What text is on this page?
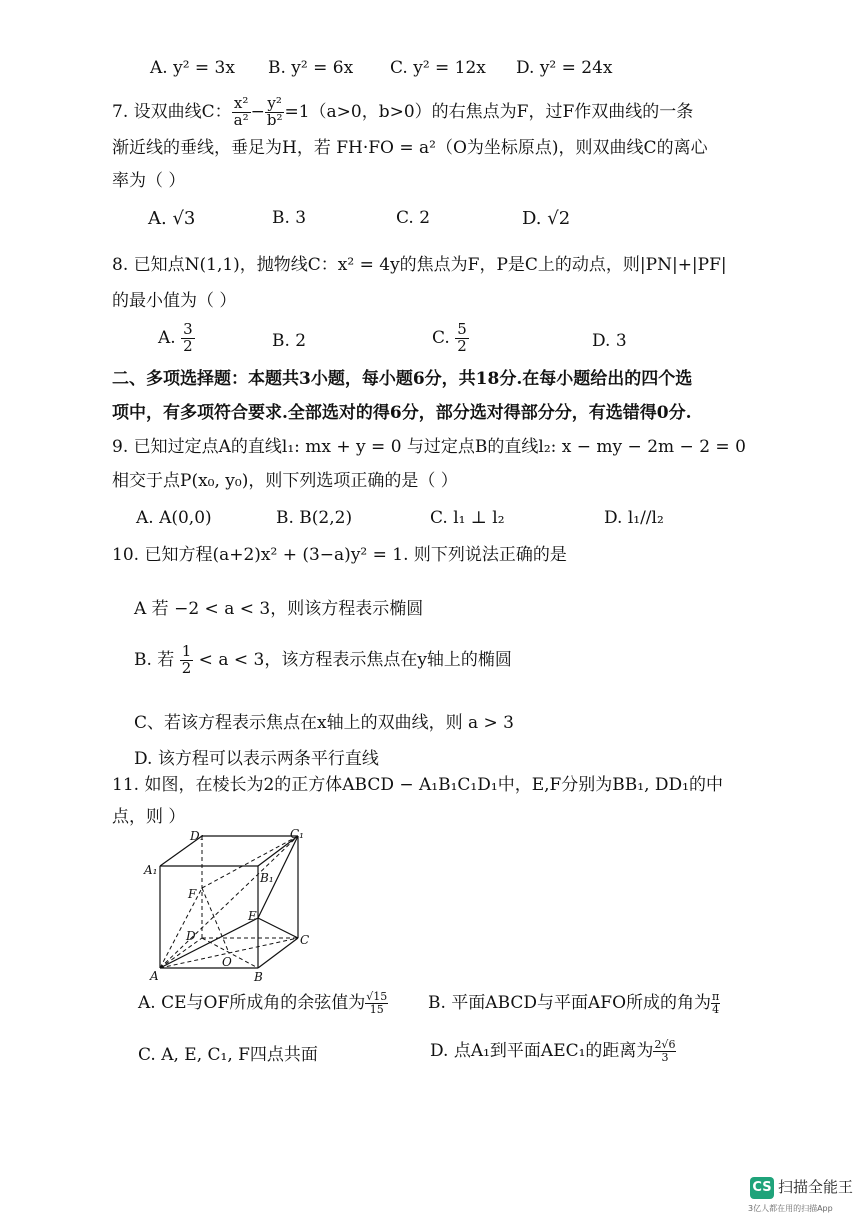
A. y² = 3x B. y² = 6x C. y² = 12x D. y² = 24x
7. 设双曲线C： $\frac{\text{x²}}{\text{a²}} - \frac{\text{y²}}{\text{b²}} =1(a>0$，b>0）的右焦点为F，过F作双曲线的一条
渐近线的垂线，垂足为H，若 FH·FO = a²（O为坐标原点)，则双曲线C的离心
率为（ ）
A. √3	B. 3	C. 2	D. √2
8. 已知点N(1,1)，抛物线C：x² = 4y的焦点为F，P是C上的动点，则|PN|+|PF|
的最小值为（ ）
A. $\frac{3}{2}$	B. 2	C. $\frac{5}{2}$	D. 3
二、多项选择题：本题共3小题，每小题6分，共18分.在每小题给出的四个选
项中，有多项符合要求.全部选对的得6分，部分选对得部分分，有选错得0分.
9. 已知过定点A的直线l₁: mx + y = 0 与过定点B的直线l₂: x − my − 2m − 2 = 0
相交于点P(x₀, y₀)，则下列选项正确的是（ ）
A. A(0,0)	B. B(2,2)	C. l₁ ⊥ l₂	D. l₁//l₂
10. 已知方程(a+2)x² + (3−a)y² = 1. 则下列说法正确的是
A 若 −2 < a < 3，则该方程表示椭圆
B. 若 $\frac{1}{2} < a < 3$，该方程表示焦点在y轴上的椭圆
C、若该方程表示焦点在x轴上的双曲线，则 a > 3
D. 该方程可以表示两条平行直线
11. 如图，在棱长为2的正方体ABCD − A₁B₁C₁D₁中，E,F分别为BB₁, DD₁的中
点，则 ）
D₁	C₁
A₁
B₁
F
E
D	C
O
A	B
A. CE与OF所成角的余弦值为 $\frac{√15}{15} B$. 平面ABCD与平面AFO所成的角为 $\frac{\pi}{4}$
C. A, E, C₁, F四点共面	D. 点A₁到平面AEC₁的距离为 $\frac{2√6}{3}$
CS 扫描全能王
3亿人都在用的扫描App
